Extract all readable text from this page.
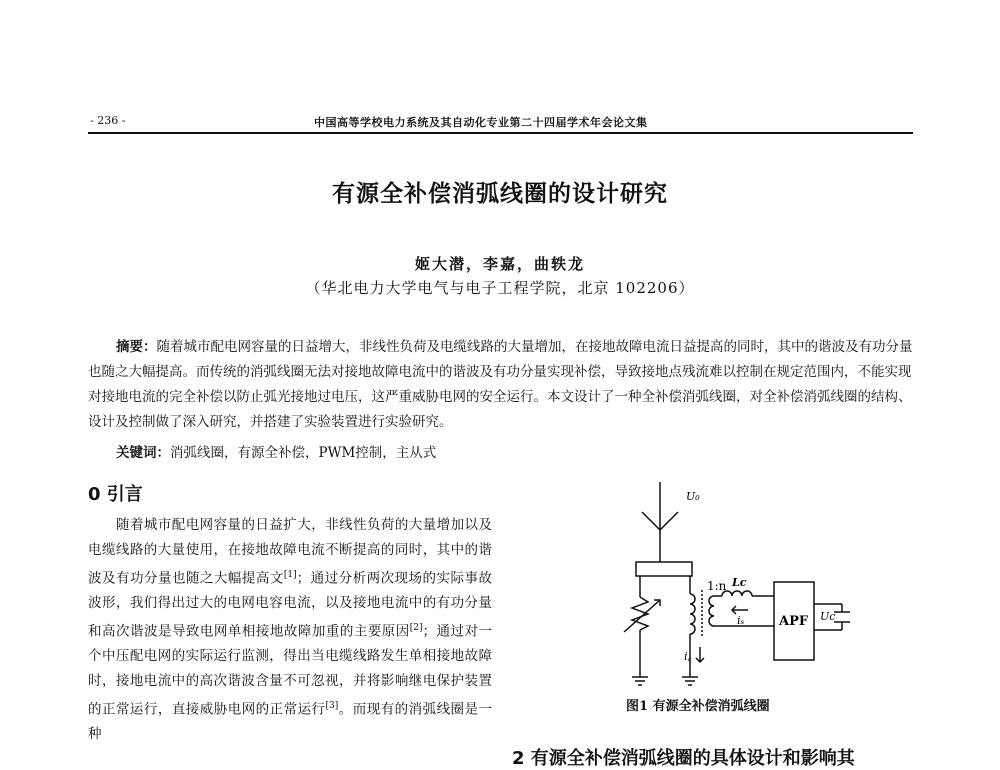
- 236 -	中国高等学校电力系统及其自动化专业第二十四届学术年会论文集
有源全补偿消弧线圈的设计研究
姬大潜，李嘉，曲轶龙
（华北电力大学电气与电子工程学院，北京 102206）
摘要：随着城市配电网容量的日益增大，非线性负荷及电缆线路的大量增加，在接地故障电流日益提高的同时，其中的谐波及有功分量也随之大幅提高。而传统的消弧线圈无法对接地故障电流中的谐波及有功分量实现补偿，导致接地点残流难以控制在规定范围内，不能实现对接地电流的完全补偿以防止弧光接地过电压，这严重威胁电网的安全运行。本文设计了一种全补偿消弧线圈，对全补偿消弧线圈的结构、设计及控制做了深入研究，并搭建了实验装置进行实验研究。
关键词：消弧线圈，有源全补偿，PWM控制，主从式
0 引言
随着城市配电网容量的日益扩大，非线性负荷的大量增加以及电缆线路的大量使用，在接地故障电流不断提高的同时，其中的谐波及有功分量也随之大幅提高文[1]；通过分析两次现场的实际事故波形，我们得出过大的电网电容电流，以及接地电流中的有功分量和高次谐波是导致电网单相接地故障加重的主要原因[2]；通过对一个中压配电网的实际运行监测，得出当电缆线路发生单相接地故障时，接地电流中的高次谐波含量不可忽视，并将影响继电保护装置的正常运行，直接威胁电网的正常运行[3]。而现有的消弧线圈是一种
U₀
1:n Lc
iₛ
i꜀
APF Uc
图1 有源全补偿消弧线圈
2 有源全补偿消弧线圈的具体设计和影响其
